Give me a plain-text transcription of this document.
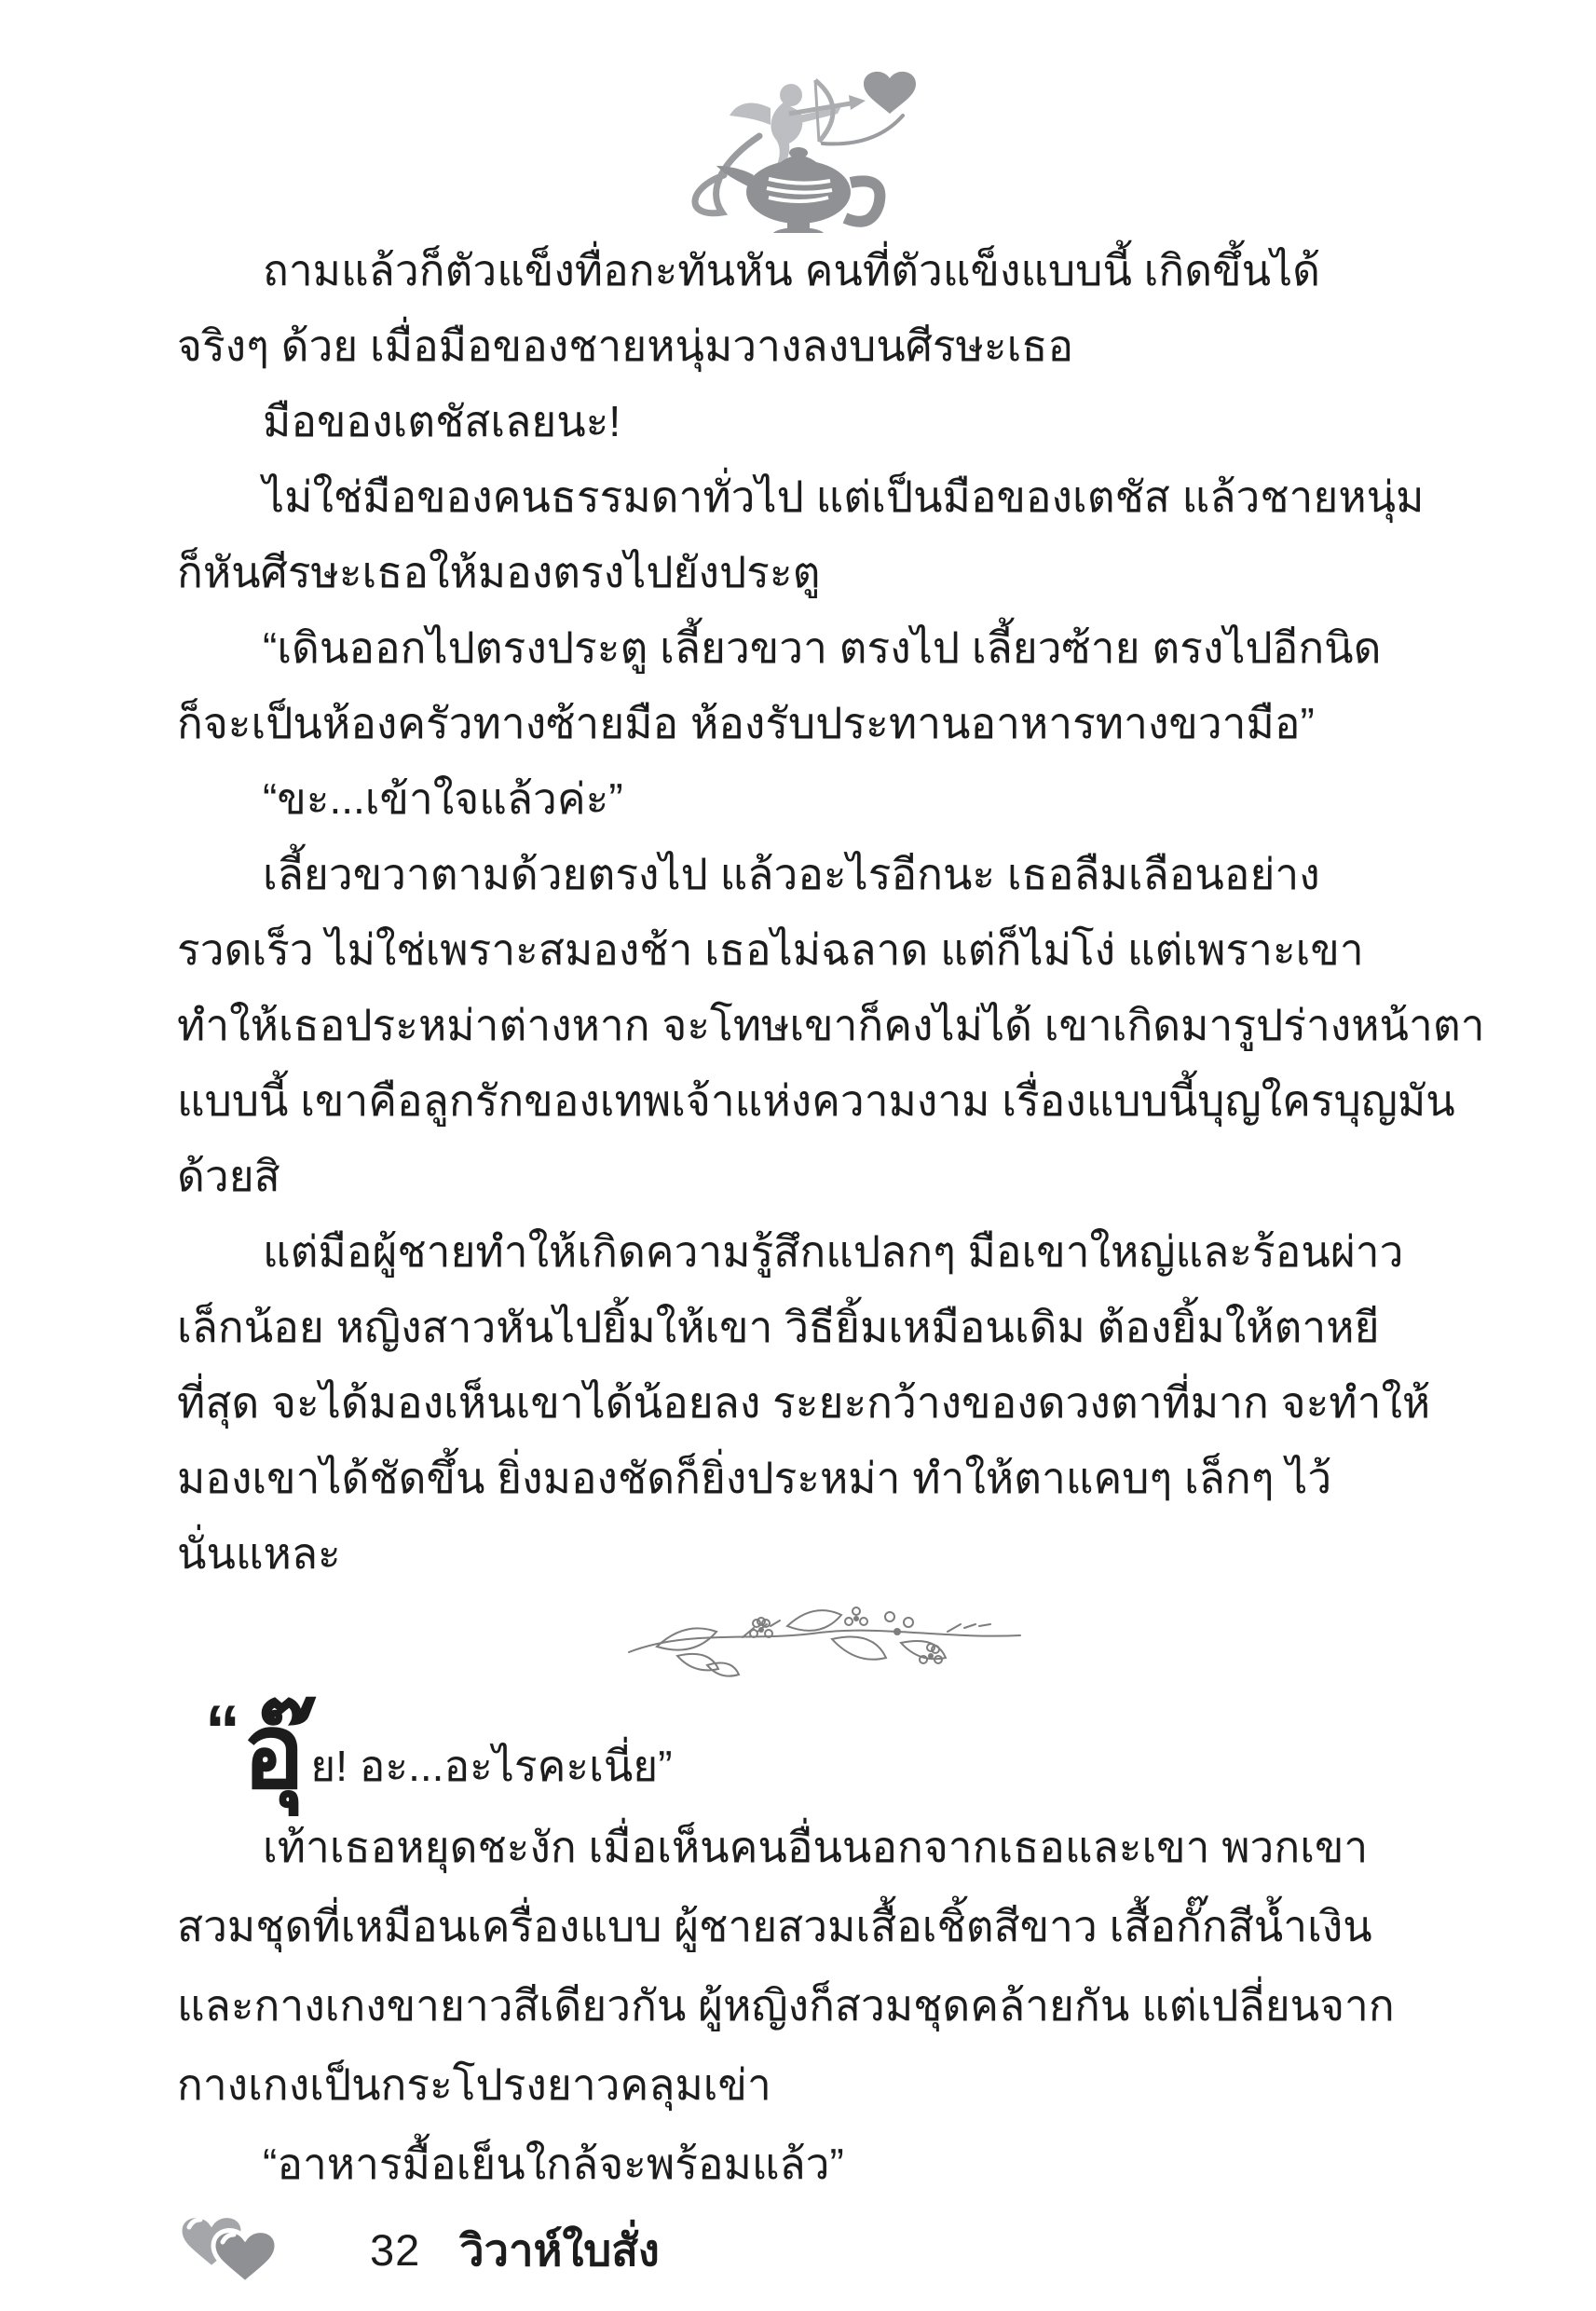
ถามแล้วก็ตัวแข็งทื่อกะทันหัน คนที่ตัวแข็งแบบนี้ เกิดขึ้นได้
จริงๆ ด้วย เมื่อมือของชายหนุ่มวางลงบนศีรษะเธอ
มือของเตชัสเลยนะ!
ไม่ใช่มือของคนธรรมดาทั่วไป แต่เป็นมือของเตชัส แล้วชายหนุ่ม
ก็หันศีรษะเธอให้มองตรงไปยังประตู
“เดินออกไปตรงประตู เลี้ยวขวา ตรงไป เลี้ยวซ้าย ตรงไปอีกนิด
ก็จะเป็นห้องครัวทางซ้ายมือ ห้องรับประทานอาหารทางขวามือ”
“ขะ...เข้าใจแล้วค่ะ”
เลี้ยวขวาตามด้วยตรงไป แล้วอะไรอีกนะ เธอลืมเลือนอย่าง
รวดเร็ว ไม่ใช่เพราะสมองช้า เธอไม่ฉลาด แต่ก็ไม่โง่ แต่เพราะเขา
ทำให้เธอประหม่าต่างหาก จะโทษเขาก็คงไม่ได้ เขาเกิดมารูปร่างหน้าตา
แบบนี้ เขาคือลูกรักของเทพเจ้าแห่งความงาม เรื่องแบบนี้บุญใครบุญมัน
ด้วยสิ
แต่มือผู้ชายทำให้เกิดความรู้สึกแปลกๆ มือเขาใหญ่และร้อนผ่าว
เล็กน้อย หญิงสาวหันไปยิ้มให้เขา วิธียิ้มเหมือนเดิม ต้องยิ้มให้ตาหยี
ที่สุด จะได้มองเห็นเขาได้น้อยลง ระยะกว้างของดวงตาที่มาก จะทำให้
มองเขาได้ชัดขึ้น ยิ่งมองชัดก็ยิ่งประหม่า ทำให้ตาแคบๆ เล็กๆ ไว้
นั่นแหละ
“ อุ๊ ย! อะ...อะไรคะเนี่ย”
เท้าเธอหยุดชะงัก เมื่อเห็นคนอื่นนอกจากเธอและเขา พวกเขา
สวมชุดที่เหมือนเครื่องแบบ ผู้ชายสวมเสื้อเชิ้ตสีขาว เสื้อกั๊กสีน้ำเงิน
และกางเกงขายาวสีเดียวกัน ผู้หญิงก็สวมชุดคล้ายกัน แต่เปลี่ยนจาก
กางเกงเป็นกระโปรงยาวคลุมเข่า
“อาหารมื้อเย็นใกล้จะพร้อมแล้ว”
32 วิวาห์ใบสั่ง
